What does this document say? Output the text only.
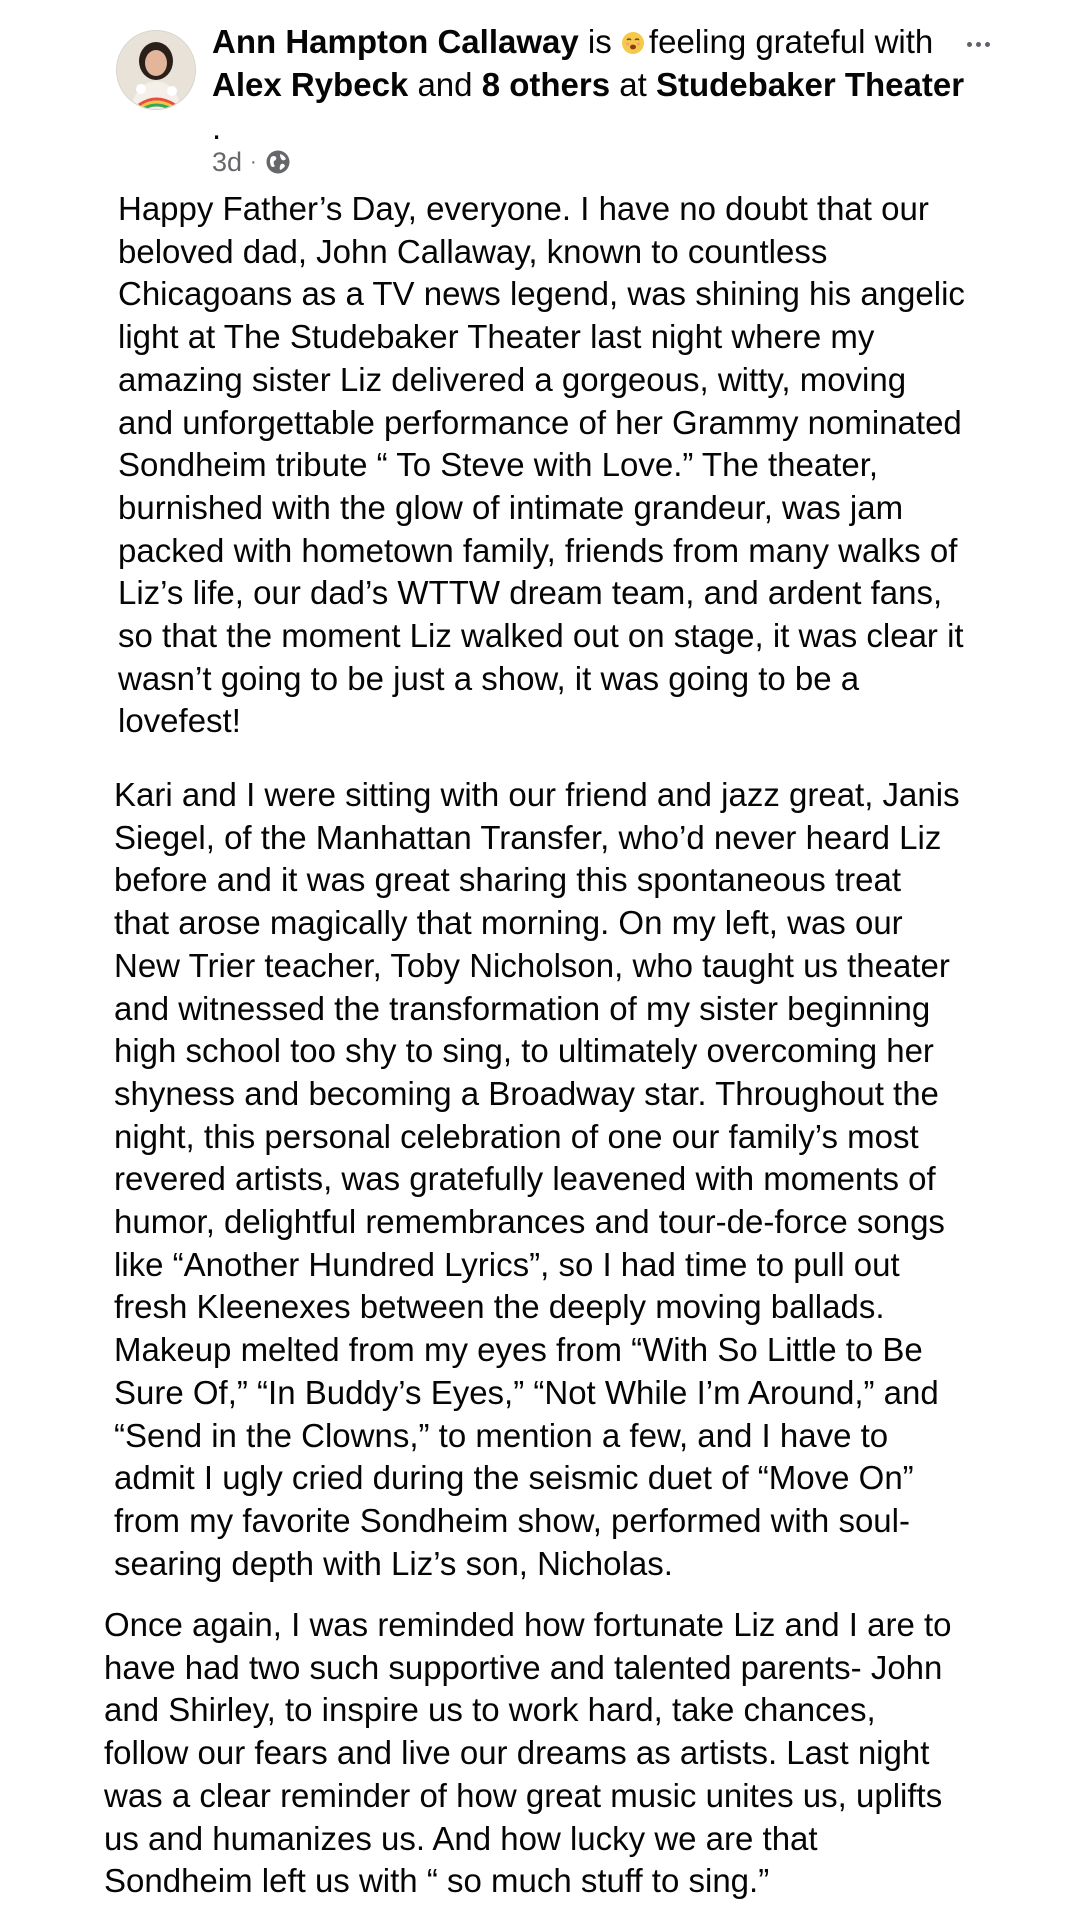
Ann Hampton Callaway is feeling grateful with
Alex Rybeck and 8 others at Studebaker Theater
.
3d ·

Happy Father’s Day, everyone. I have no doubt that our
beloved dad, John Callaway, known to countless
Chicagoans as a TV news legend, was shining his angelic
light at The Studebaker Theater last night where my
amazing sister Liz delivered a gorgeous, witty, moving
and unforgettable performance of her Grammy nominated
Sondheim tribute “ To Steve with Love.” The theater,
burnished with the glow of intimate grandeur, was jam
packed with hometown family, friends from many walks of
Liz’s life, our dad’s WTTW dream team, and ardent fans,
so that the moment Liz walked out on stage, it was clear it
wasn’t going to be just a show, it was going to be a
lovefest!

Kari and I were sitting with our friend and jazz great, Janis
Siegel, of the Manhattan Transfer, who’d never heard Liz
before and it was great sharing this spontaneous treat
that arose magically that morning. On my left, was our
New Trier teacher, Toby Nicholson, who taught us theater
and witnessed the transformation of my sister beginning
high school too shy to sing, to ultimately overcoming her
shyness and becoming a Broadway star. Throughout the
night, this personal celebration of one our family’s most
revered artists, was gratefully leavened with moments of
humor, delightful remembrances and tour-de-force songs
like “Another Hundred Lyrics”, so I had time to pull out
fresh Kleenexes between the deeply moving ballads.
Makeup melted from my eyes from “With So Little to Be
Sure Of,” “In Buddy’s Eyes,” “Not While I’m Around,” and
“Send in the Clowns,” to mention a few, and I have to
admit I ugly cried during the seismic duet of “Move On”
from my favorite Sondheim show, performed with soul-
searing depth with Liz’s son, Nicholas.

Once again, I was reminded how fortunate Liz and I are to
have had two such supportive and talented parents- John
and Shirley, to inspire us to work hard, take chances,
follow our fears and live our dreams as artists. Last night
was a clear reminder of how great music unites us, uplifts
us and humanizes us. And how lucky we are that
Sondheim left us with “ so much stuff to sing.”
